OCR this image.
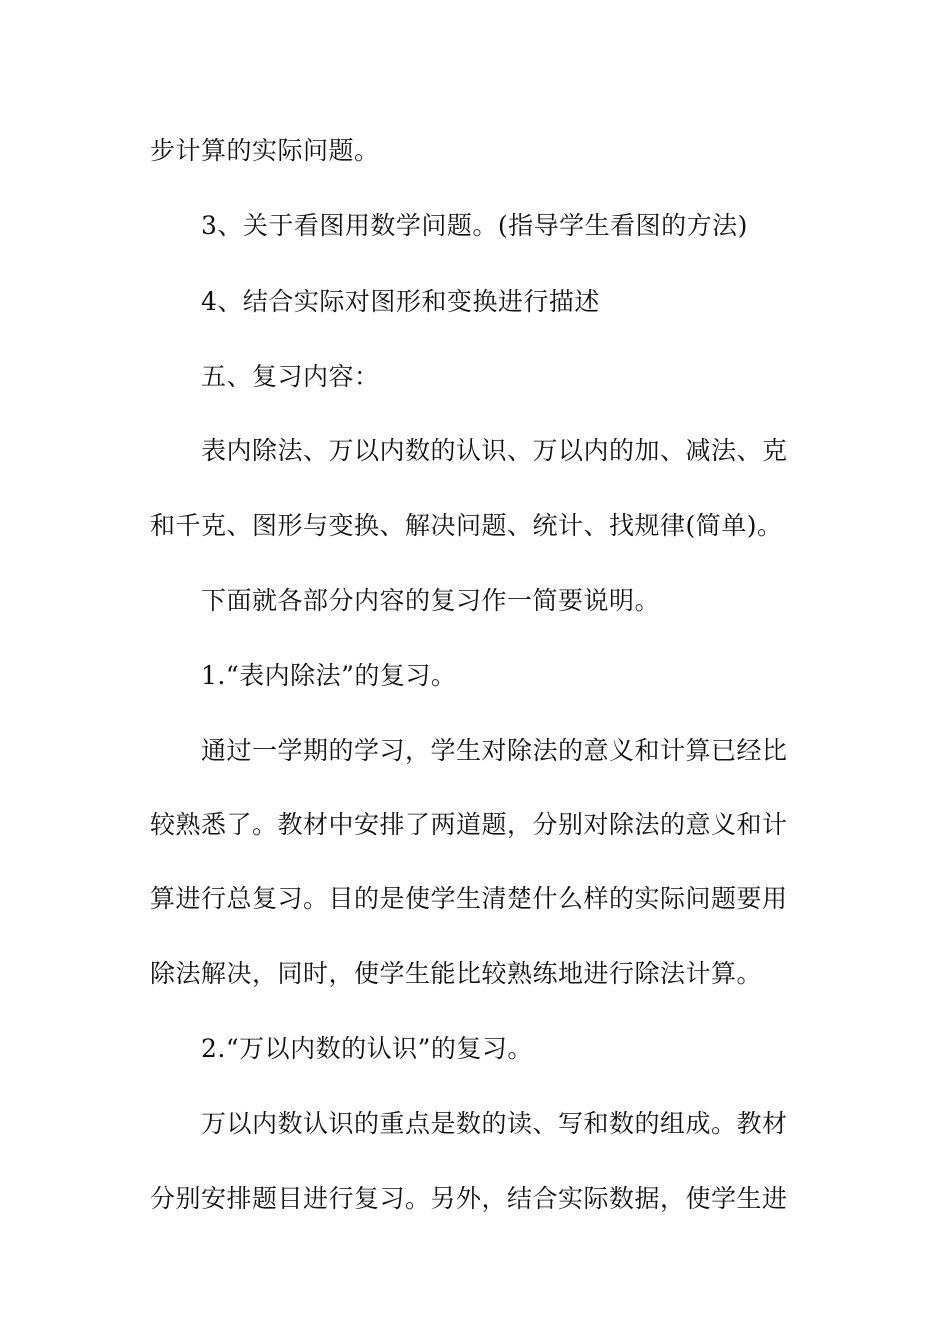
步计算的实际问题。
3、关于看图用数学问题。(指导学生看图的方法)
4、结合实际对图形和变换进行描述
五、复习内容：
表内除法、万以内数的认识、万以内的加、减法、克
和千克、图形与变换、解决问题、统计、找规律(简单)。
下面就各部分内容的复习作一简要说明。
1.“表内除法”的复习。
通过一学期的学习，学生对除法的意义和计算已经比
较熟悉了。教材中安排了两道题，分别对除法的意义和计
算进行总复习。目的是使学生清楚什么样的实际问题要用
除法解决，同时，使学生能比较熟练地进行除法计算。
2.“万以内数的认识”的复习。
万以内数认识的重点是数的读、写和数的组成。教材
分别安排题目进行复习。另外，结合实际数据，使学生进
